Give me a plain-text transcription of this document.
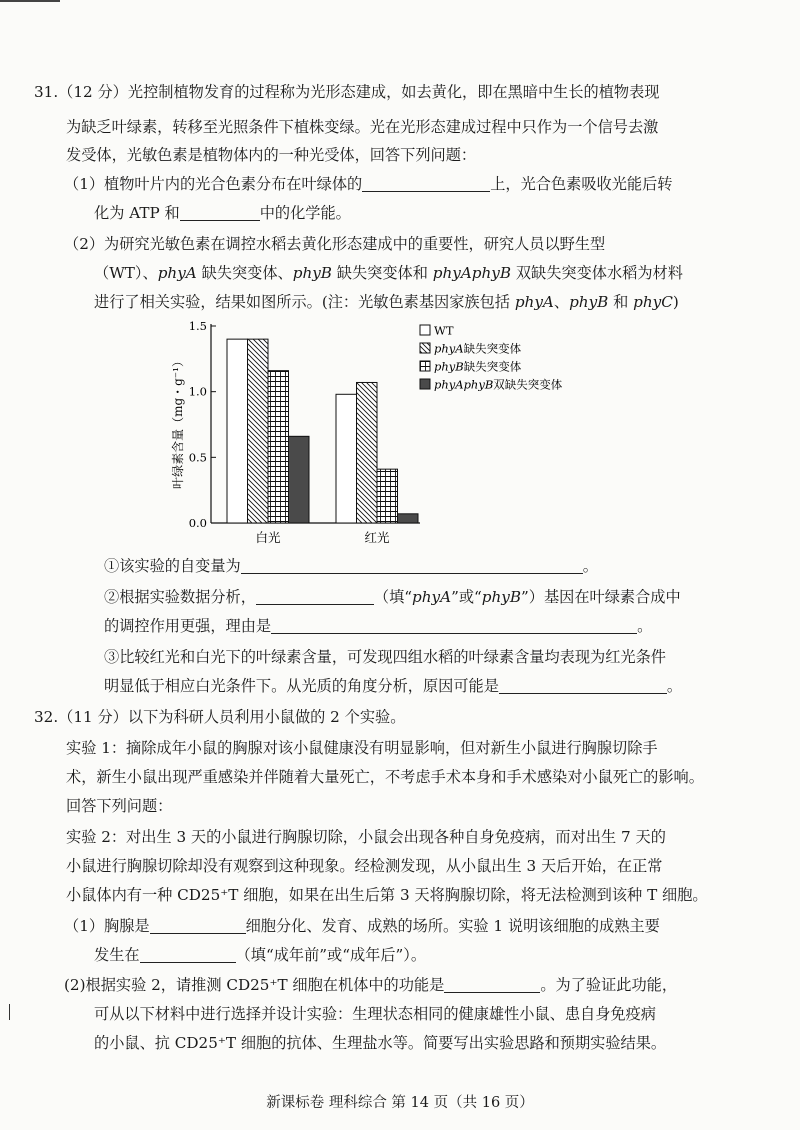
31.（12 分）光控制植物发育的过程称为光形态建成，如去黄化，即在黑暗中生长的植物表现
为缺乏叶绿素，转移至光照条件下植株变绿。光在光形态建成过程中只作为一个信号去激
发受体，光敏色素是植物体内的一种光受体，回答下列问题：
（1）植物叶片内的光合色素分布在叶绿体的	上，光合色素吸收光能后转
化为 ATP 和	中的化学能。
（2）为研究光敏色素在调控水稻去黄化形态建成中的重要性，研究人员以野生型
（WT）、phyA 缺失突变体、phyB 缺失突变体和 phyAphyB 双缺失突变体水稻为材料
进行了相关实验，结果如图所示。(注：光敏色素基因家族包括 phyA、phyB 和 phyC)
叶绿素含量（mg・g⁻¹）
0.0
0.5
1.0
1.5
白光	红光
WT
phyA缺失突变体
phyB缺失突变体
phyAphyB双缺失突变体
①该实验的自变量为	。
②根据实验数据分析，	（填“phyA”或“phyB”）基因在叶绿素合成中
的调控作用更强，理由是	。
③比较红光和白光下的叶绿素含量，可发现四组水稻的叶绿素含量均表现为红光条件
明显低于相应白光条件下。从光质的角度分析，原因可能是	。
32.（11 分）以下为科研人员利用小鼠做的 2 个实验。
实验 1：摘除成年小鼠的胸腺对该小鼠健康没有明显影响，但对新生小鼠进行胸腺切除手
术，新生小鼠出现严重感染并伴随着大量死亡，不考虑手术本身和手术感染对小鼠死亡的影响。
回答下列问题：
实验 2：对出生 3 天的小鼠进行胸腺切除，小鼠会出现各种自身免疫病，而对出生 7 天的
小鼠进行胸腺切除却没有观察到这种现象。经检测发现，从小鼠出生 3 天后开始，在正常
小鼠体内有一种 CD25⁺T 细胞，如果在出生后第 3 天将胸腺切除，将无法检测到该种 T 细胞。
（1）胸腺是	细胞分化、发育、成熟的场所。实验 1 说明该细胞的成熟主要
发生在	（填“成年前”或“成年后”）。
(2)根据实验 2，请推测 CD25⁺T 细胞在机体中的功能是	。为了验证此功能，
可从以下材料中进行选择并设计实验：生理状态相同的健康雄性小鼠、患自身免疫病
的小鼠、抗 CD25⁺T 细胞的抗体、生理盐水等。简要写出实验思路和预期实验结果。
新课标卷 理科综合 第 14 页（共 16 页）
